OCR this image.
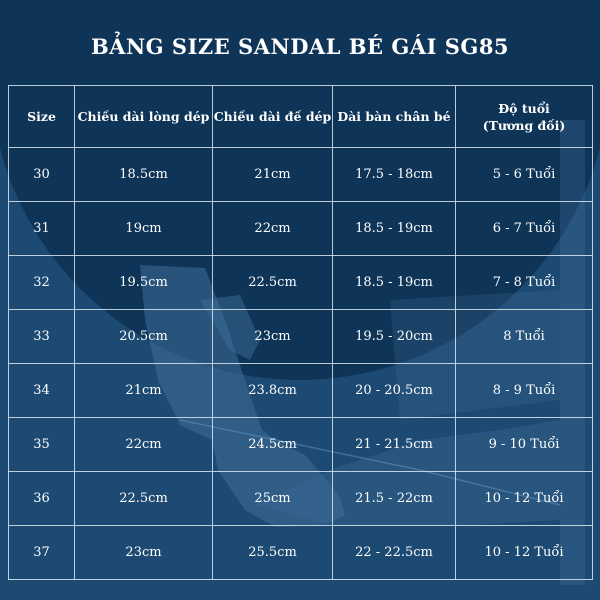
BẢNG SIZE SANDAL BÉ GÁI SG85
Size	Chiều dài lòng dép	Chiều dài đế dép	Dài bàn chân bé	Độ tuổi
(Tương đối)

30	18.5cm	21cm	17.5 - 18cm	5 - 6 Tuổi
31	19cm	22cm	18.5 - 19cm	6 - 7 Tuổi
32	19.5cm	22.5cm	18.5 - 19cm	7 - 8 Tuổi
33	20.5cm	23cm	19.5 - 20cm	8 Tuổi
34	21cm	23.8cm	20 - 20.5cm	8 - 9 Tuổi
35	22cm	24.5cm	21 - 21.5cm	9 - 10 Tuổi
36	22.5cm	25cm	21.5 - 22cm	10 - 12 Tuổi
37	23cm	25.5cm	22 - 22.5cm	10 - 12 Tuổi
